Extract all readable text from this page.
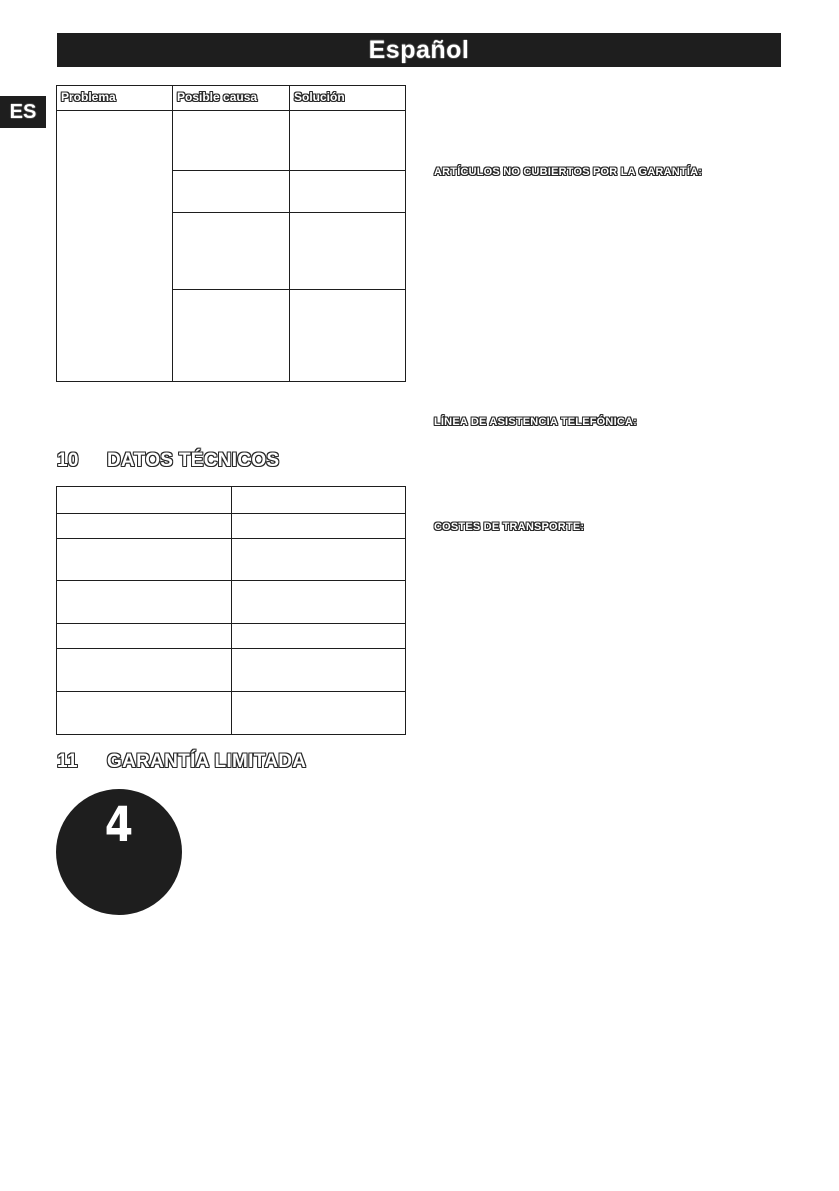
Español
ES
Problema	Posible causa	Solución
10 DATOS TÉCNICOS
11 GARANTÍA LIMITADA
4
ARTÍCULOS NO CUBIERTOS POR LA GARANTÍA:
LÍNEA DE ASISTENCIA TELEFÓNICA:
COSTES DE TRANSPORTE:
